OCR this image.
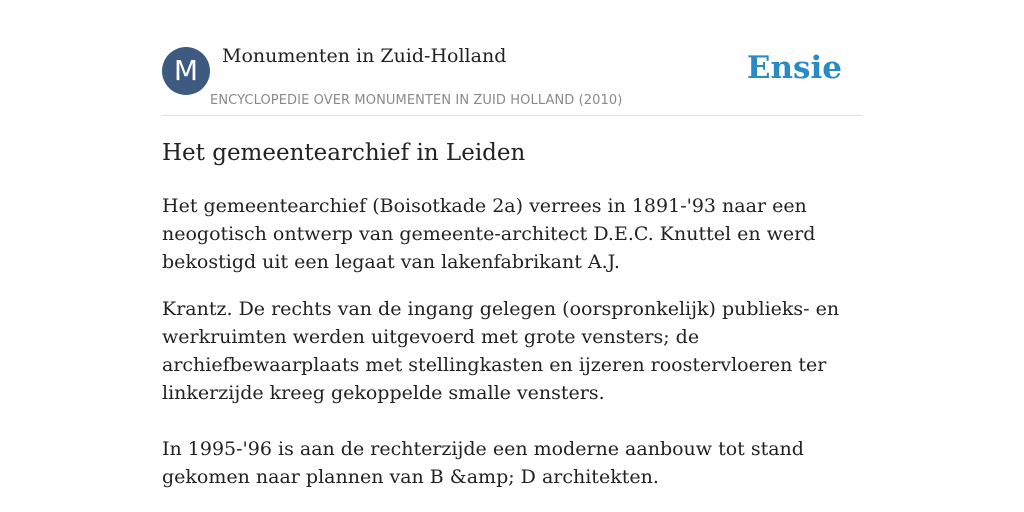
M	Monumenten in Zuid-Holland
ENCYCLOPEDIE OVER MONUMENTEN IN ZUID HOLLAND (2010)
Ensie
Het gemeentearchief in Leiden

Het gemeentearchief (Boisotkade 2a) verrees in 1891-'93 naar een neogotisch ontwerp van gemeente-architect D.E.C. Knuttel en werd bekostigd uit een legaat van lakenfabrikant A.J.

Krantz. De rechts van de ingang gelegen (oorspronkelijk) publieks- en werkruimten werden uitgevoerd met grote vensters; de archiefbewaarplaats met stellingkasten en ijzeren roostervloeren ter linkerzijde kreeg gekoppelde smalle vensters.

In 1995-'96 is aan de rechterzijde een moderne aanbouw tot stand gekomen naar plannen van B &amp; D architekten.
